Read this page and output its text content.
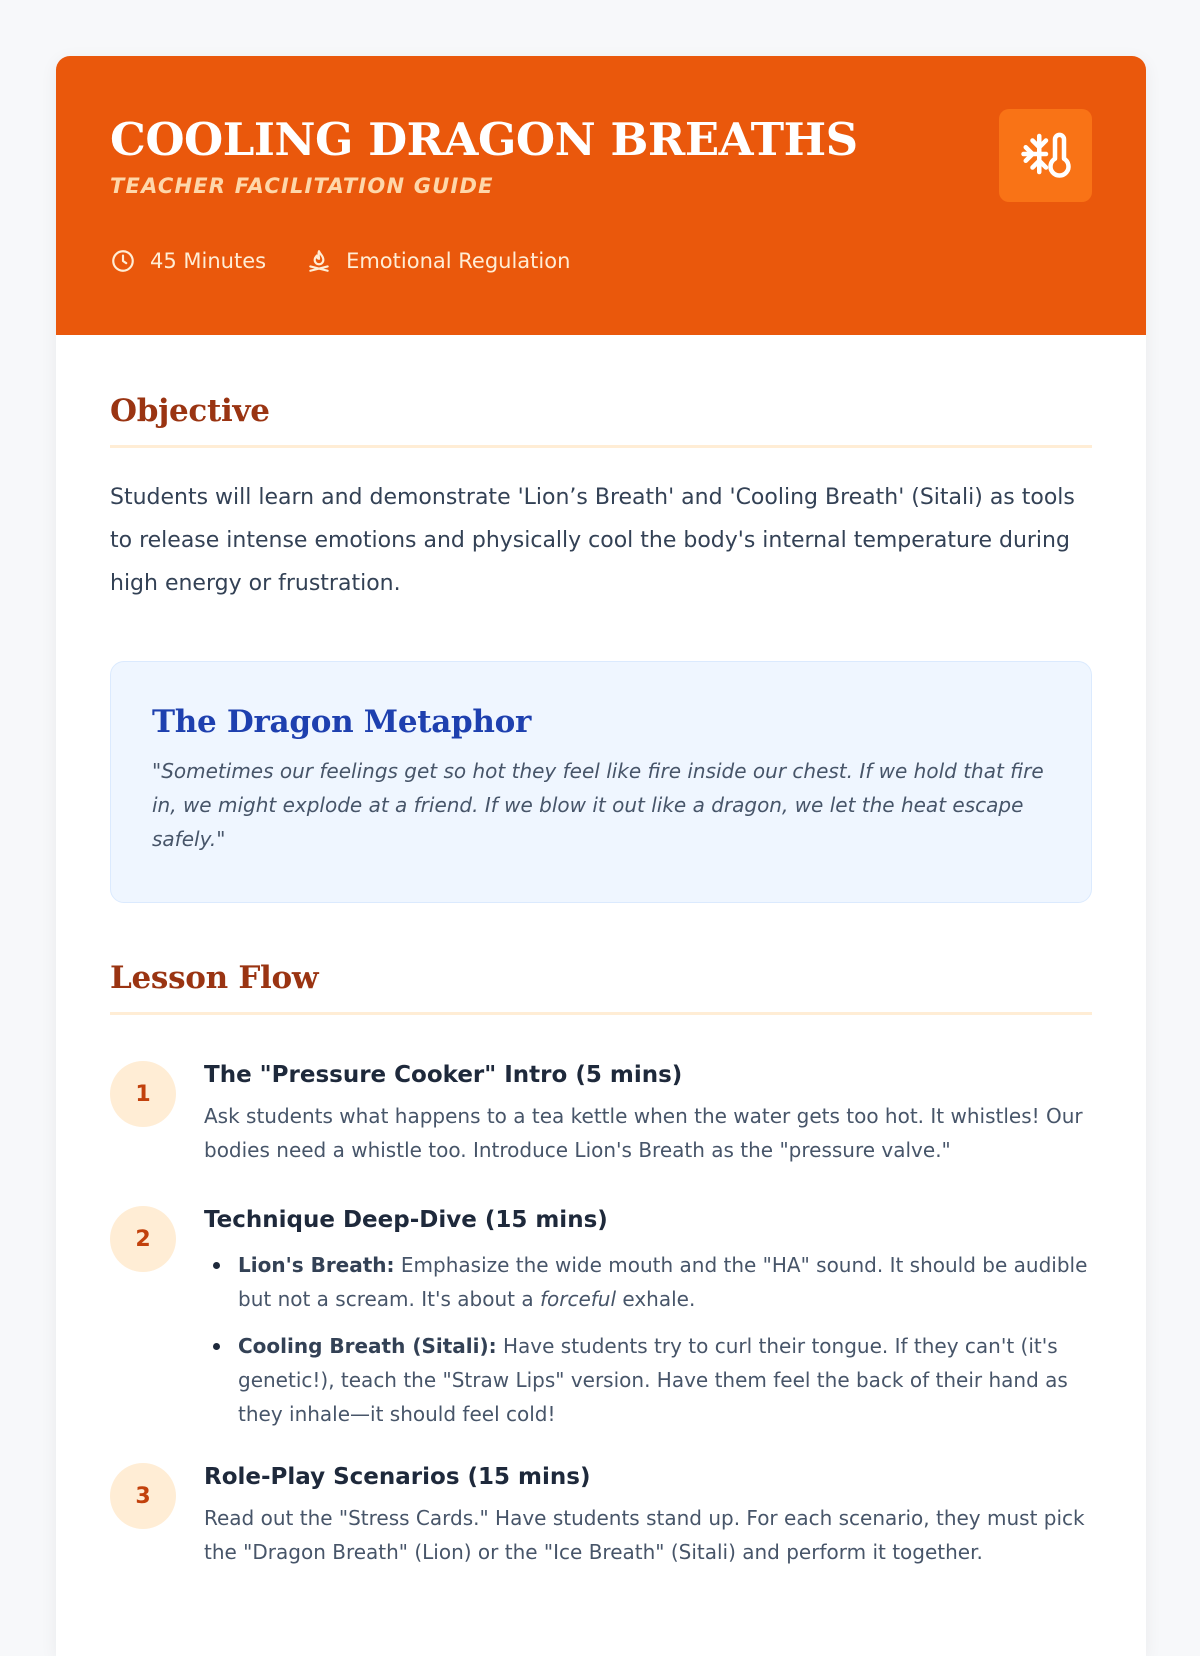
COOLING DRAGON BREATHS
TEACHER FACILITATION GUIDE
45 Minutes	Emotional Regulation
Objective

Students will learn and demonstrate 'Lion’s Breath' and 'Cooling Breath' (Sitali) as tools to release intense emotions and physically cool the body's internal temperature during high energy or frustration.

The Dragon Metaphor

"Sometimes our feelings get so hot they feel like fire inside our chest. If we hold that fire in, we might explode at a friend. If we blow it out like a dragon, we let the heat escape safely."

Lesson Flow
1
The "Pressure Cooker" Intro (5 mins)

Ask students what happens to a tea kettle when the water gets too hot. It whistles! Our bodies need a whistle too. Introduce Lion's Breath as the "pressure valve."

2
Technique Deep-Dive (15 mins)
Lion's Breath: Emphasize the wide mouth and the "HA" sound. It should be audible but not a scream. It's about a forceful exhale.
Cooling Breath (Sitali): Have students try to curl their tongue. If they can't (it's genetic!), teach the "Straw Lips" version. Have them feel the back of their hand as they inhale—it should feel cold!
3
Role-Play Scenarios (15 mins)

Read out the "Stress Cards." Have students stand up. For each scenario, they must pick the "Dragon Breath" (Lion) or the "Ice Breath" (Sitali) and perform it together.
